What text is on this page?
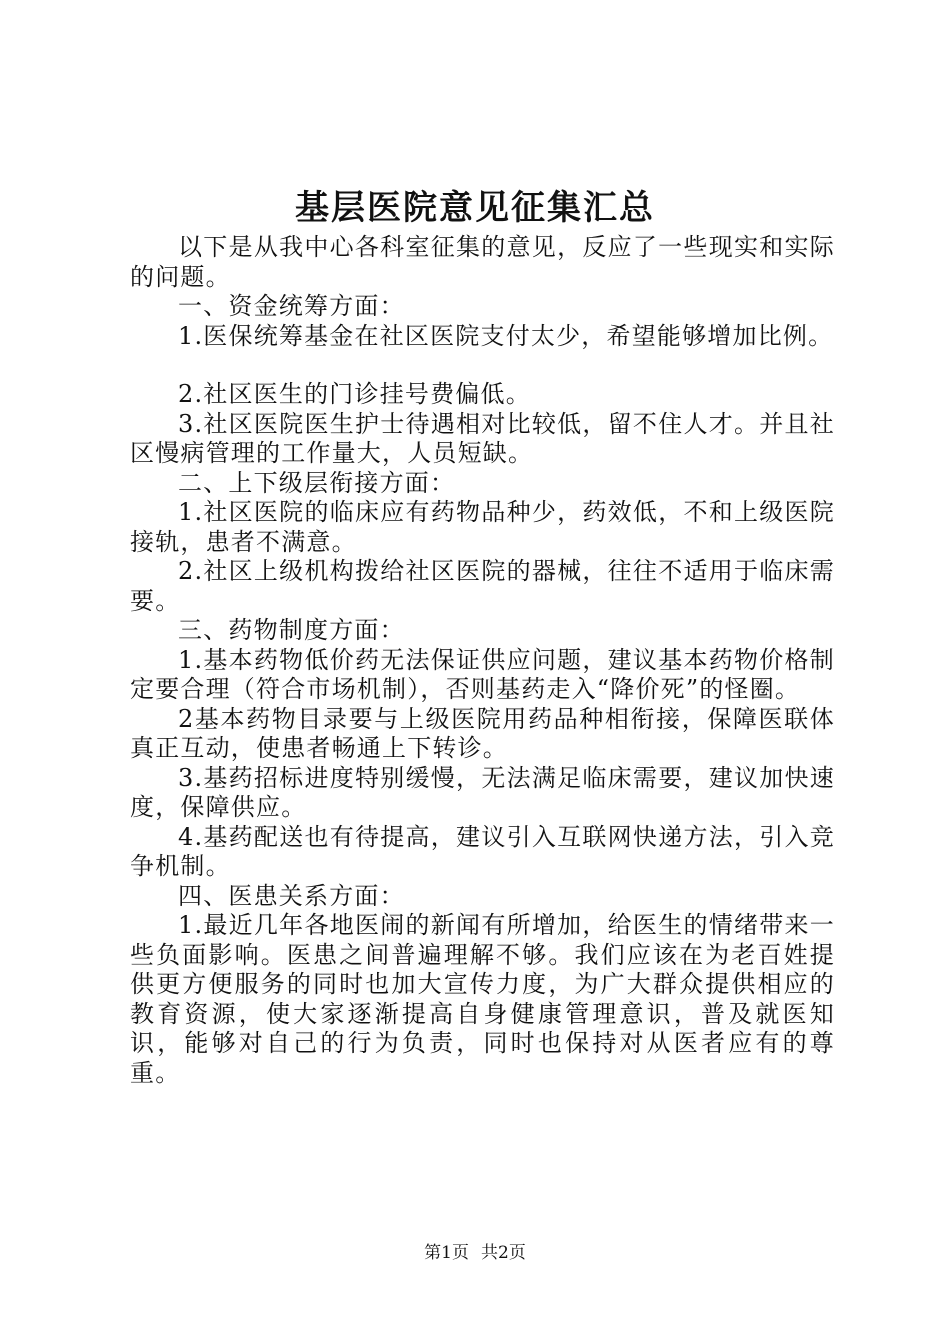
基层医院意见征集汇总

以下是从我中心各科室征集的意见，反应了一些现实和实际的问题。

一、资金统筹方面：

1.医保统筹基金在社区医院支付太少，希望能够增加比例。

2.社区医生的门诊挂号费偏低。

3.社区医院医生护士待遇相对比较低，留不住人才。并且社区慢病管理的工作量大，人员短缺。

二、上下级层衔接方面：

1.社区医院的临床应有药物品种少，药效低，不和上级医院接轨，患者不满意。

2.社区上级机构拨给社区医院的器械，往往不适用于临床需要。

三、药物制度方面：

1.基本药物低价药无法保证供应问题，建议基本药物价格制定要合理（符合市场机制），否则基药走入“降价死”的怪圈。

2基本药物目录要与上级医院用药品种相衔接，保障医联体真正互动，使患者畅通上下转诊。

3.基药招标进度特别缓慢，无法满足临床需要，建议加快速度，保障供应。

4.基药配送也有待提高，建议引入互联网快递方法，引入竞争机制。

四、医患关系方面：

1.最近几年各地医闹的新闻有所增加，给医生的情绪带来一些负面影响。医患之间普遍理解不够。我们应该在为老百姓提供更方便服务的同时也加大宣传力度，为广大群众提供相应的教育资源，使大家逐渐提高自身健康管理意识，普及就医知识，能够对自己的行为负责，同时也保持对从医者应有的尊重。

第1页 共2页
